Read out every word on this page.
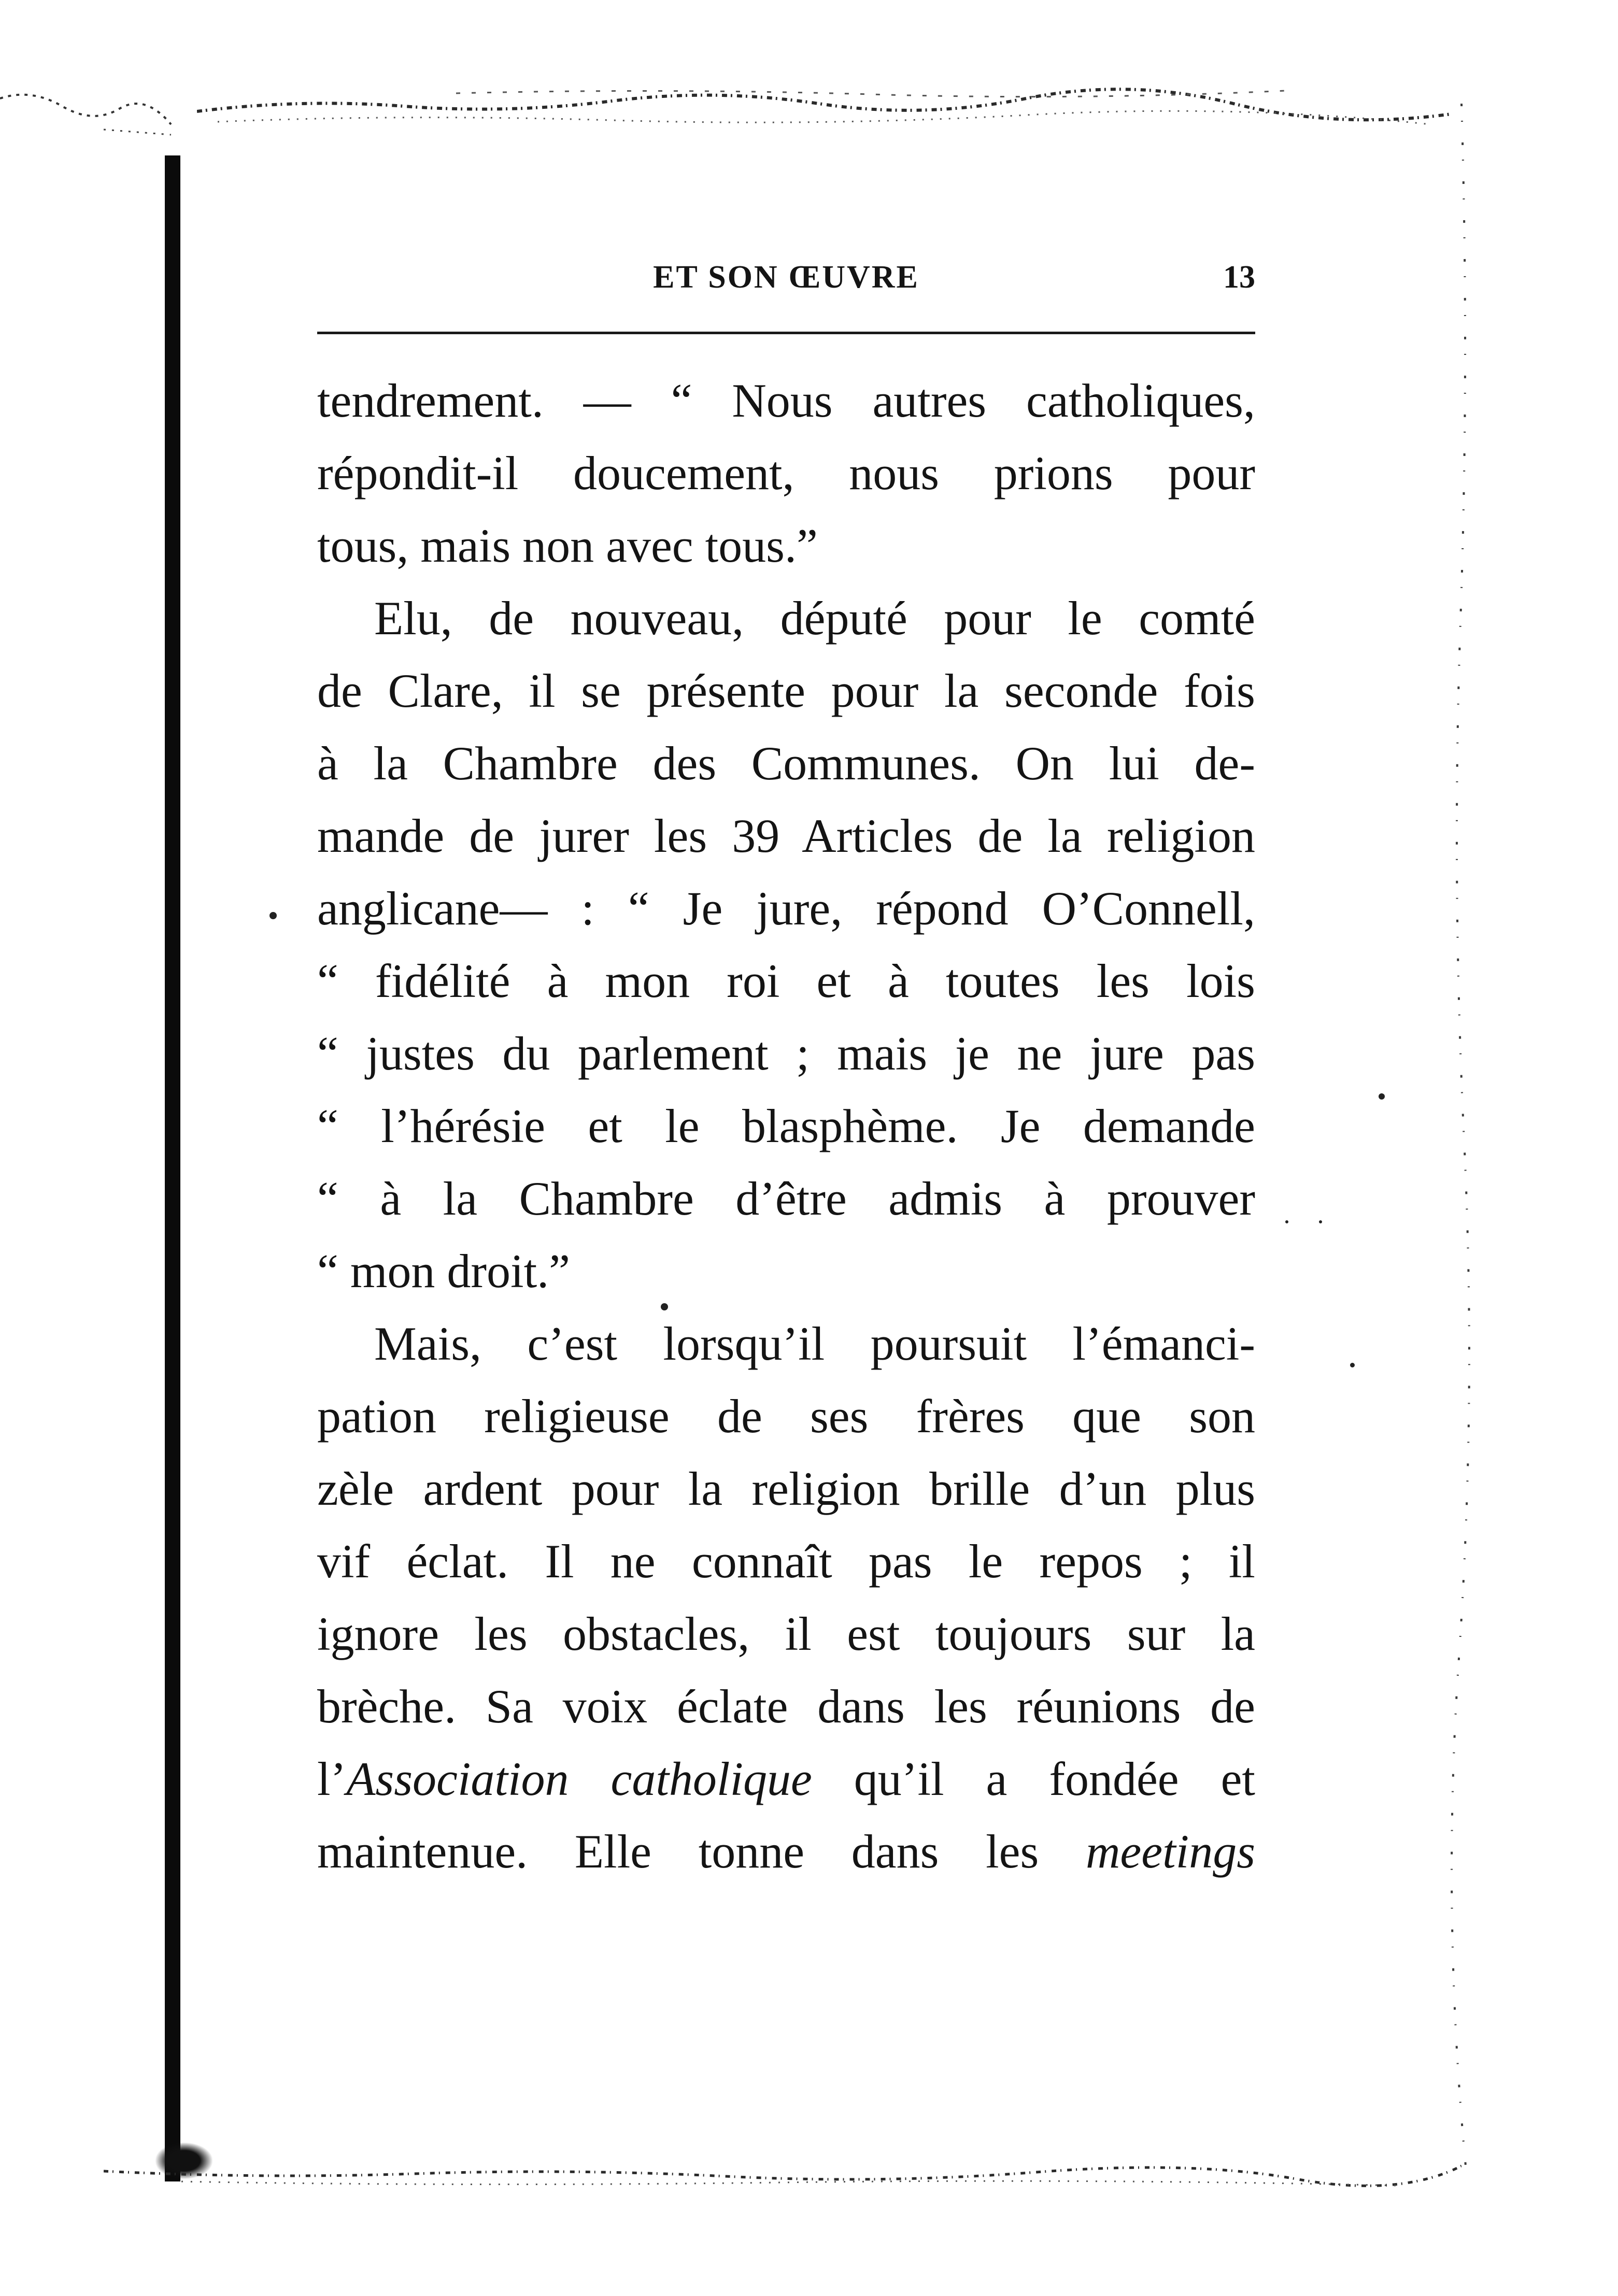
ET SON ŒUVRE	13
tendrement. — “ Nous autres catholiques,
répondit-il doucement, nous prions pour
tous, mais non avec tous.”
Elu, de nouveau, député pour le comté
de Clare, il se présente pour la seconde fois
à la Chambre des Communes. On lui de-
mande de jurer les 39 Articles de la religion
anglicane— : “ Je jure, répond O’Connell,
“ fidélité à mon roi et à toutes les lois
“ justes du parlement ; mais je ne jure pas
“ l’hérésie et le blasphème. Je demande
“ à la Chambre d’être admis à prouver
“ mon droit.”
Mais, c’est lorsqu’il poursuit l’émanci-
pation religieuse de ses frères que son
zèle ardent pour la religion brille d’un plus
vif éclat. Il ne connaît pas le repos ; il
ignore les obstacles, il est toujours sur la
brèche. Sa voix éclate dans les réunions de
l’Association catholique qu’il a fondée et
maintenue. Elle tonne dans les meetings
